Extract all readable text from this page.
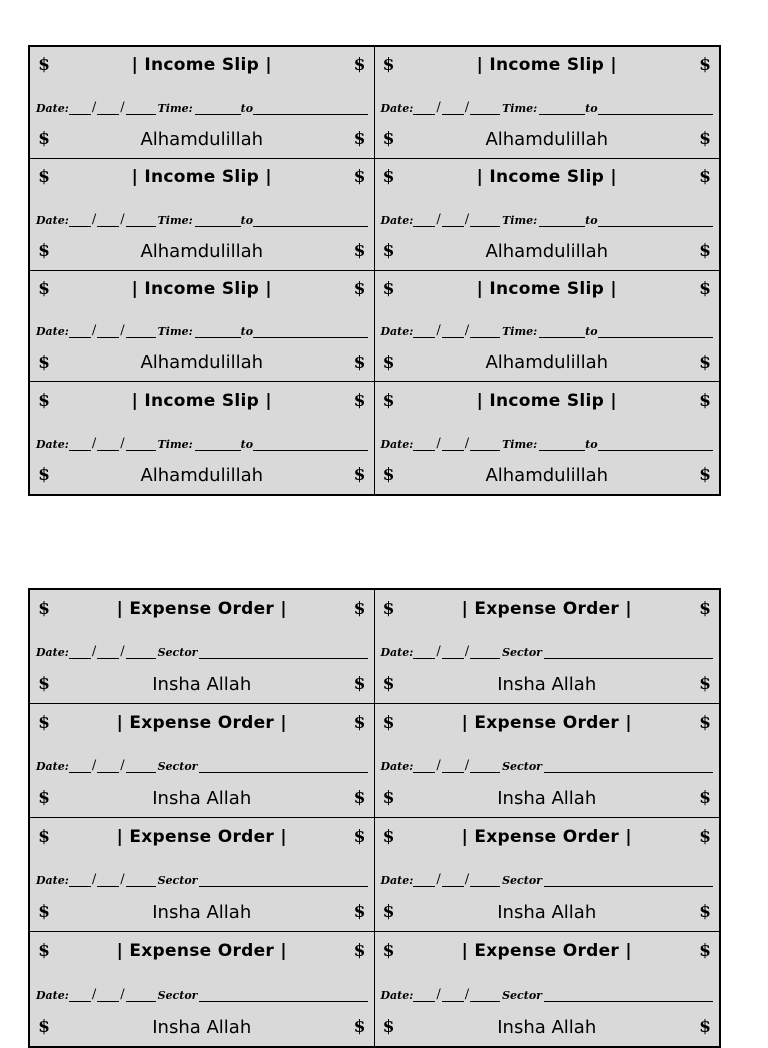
$	| Income Slip |	$
Date: / /	Time:	to
$	Alhamdulillah	$
$	| Income Slip |	$
Date: / /	Time:	to
$	Alhamdulillah	$
$	| Income Slip |	$
Date: / /	Time:	to
$	Alhamdulillah	$
$	| Income Slip |	$
Date: / /	Time:	to
$	Alhamdulillah	$
$	| Income Slip |	$
Date: / /	Time:	to
$	Alhamdulillah	$
$	| Income Slip |	$
Date: / /	Time:	to
$	Alhamdulillah	$
$	| Income Slip |	$
Date: / /	Time:	to
$	Alhamdulillah	$
$	| Income Slip |	$
Date: / /	Time:	to
$	Alhamdulillah	$
$	| Expense Order |	$
Date: / /	Sector
$	Insha Allah	$
$	| Expense Order |	$
Date: / /	Sector
$	Insha Allah	$
$	| Expense Order |	$
Date: / /	Sector
$	Insha Allah	$
$	| Expense Order |	$
Date: / /	Sector
$	Insha Allah	$
$	| Expense Order |	$
Date: / /	Sector
$	Insha Allah	$
$	| Expense Order |	$
Date: / /	Sector
$	Insha Allah	$
$	| Expense Order |	$
Date: / /	Sector
$	Insha Allah	$
$	| Expense Order |	$
Date: / /	Sector
$	Insha Allah	$
